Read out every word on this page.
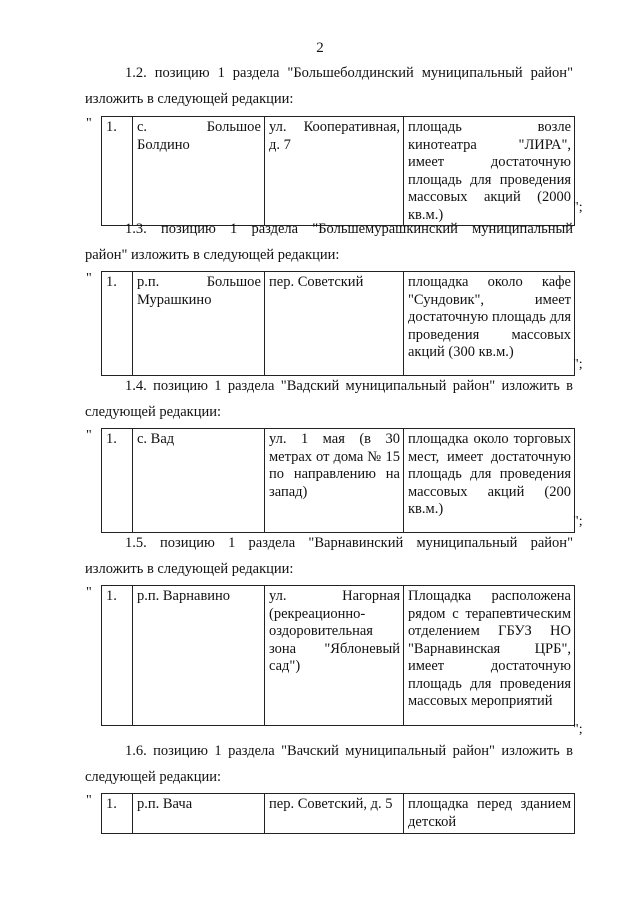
2
1.2. позицию 1 раздела "Большеболдинский муниципальный район"
изложить в следующей редакции:
" 1.	с. Большое Болдино	ул. Кооперативная, д. 7	площадь возле кинотеатра "ЛИРА", имеет достаточную площадь для проведения массовых акций (2000 кв.м.)	";
1.3. позицию 1 раздела "Большемурашкинский муниципальный
район" изложить в следующей редакции:
" 1.	р.п. Большое Мурашкино	пер. Советский	площадка около кафе "Сундовик", имеет достаточную площадь для проведения массовых акций (300 кв.м.)
";
1.4. позицию 1 раздела "Вадский муниципальный район" изложить в
следующей редакции:
" 1.	с. Вад	ул. 1 мая (в 30 метрах от дома № 15 по направлению на запад)	площадка около торговых мест, имеет достаточную площадь для проведения массовых акций (200 кв.м.)
";
1.5. позицию 1 раздела "Варнавинский муниципальный район"
изложить в следующей редакции:
" 1.	р.п. Варнавино	ул. Нагорная (рекреационно-оздоровительная зона "Яблоневый сад")	Площадка расположена рядом с терапевтическим отделением ГБУЗ НО "Варнавинская ЦРБ", имеет достаточную площадь для проведения массовых мероприятий
";
1.6. позицию 1 раздела "Вачский муниципальный район" изложить в
следующей редакции:
" 1.	р.п. Вача	пер. Советский, д. 5	площадка перед зданием детской
